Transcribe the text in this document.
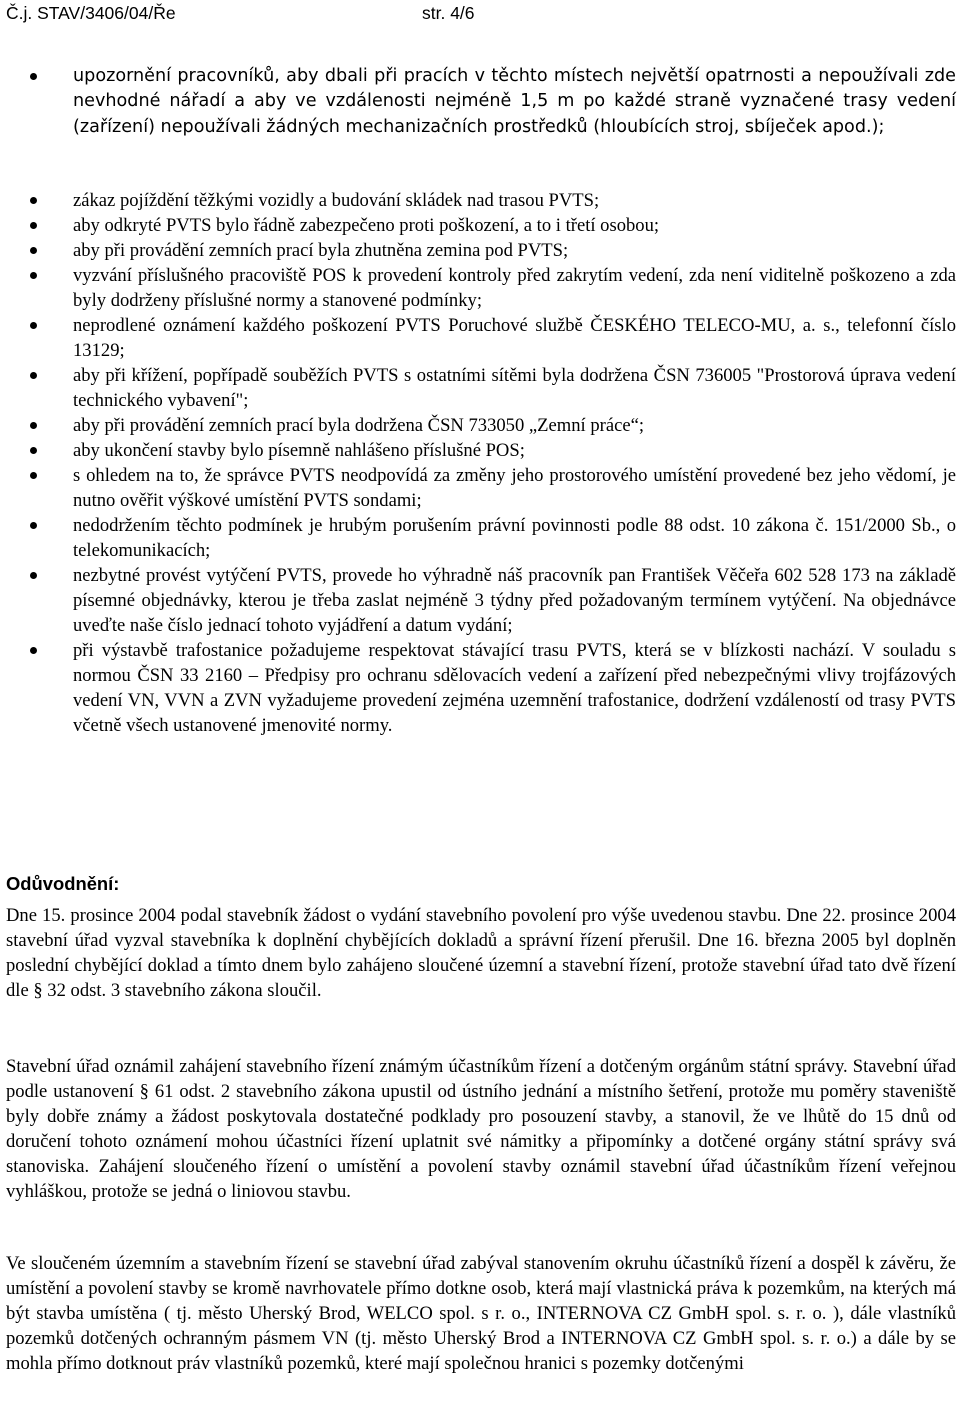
Č.j. STAV/3406/04/Ře	str. 4/6
upozornění pracovníků, aby dbali při pracích v těchto místech největší opatrnosti a nepoužívali zde nevhodné nářadí a aby ve vzdálenosti nejméně 1,5 m po každé straně vyznačené trasy vedení (zařízení) nepoužívali žádných mechanizačních prostředků (hloubících stroj, sbíječek apod.);
zákaz pojíždění těžkými vozidly a budování skládek nad trasou PVTS;
aby odkryté PVTS bylo řádně zabezpečeno proti poškození, a to i třetí osobou;
aby při provádění zemních prací byla zhutněna zemina pod PVTS;
vyzvání příslušného pracoviště POS k provedení kontroly před zakrytím vedení, zda není viditelně poškozeno a zda byly dodrženy příslušné normy a stanovené podmínky;
neprodlené oznámení každého poškození PVTS Poruchové službě ČESKÉHO TELECO-MU, a. s., telefonní číslo 13129;
aby při křížení, popřípadě souběžích PVTS s ostatními sítěmi byla dodržena ČSN 736005 "Prostorová úprava vedení technického vybavení";
aby při provádění zemních prací byla dodržena ČSN 733050 „Zemní práce“;
aby ukončení stavby bylo písemně nahlášeno příslušné POS;
s ohledem na to, že správce PVTS neodpovídá za změny jeho prostorového umístění provedené bez jeho vědomí, je nutno ověřit výškové umístění PVTS sondami;
nedodržením těchto podmínek je hrubým porušením právní povinnosti podle 88 odst. 10 zákona č. 151/2000 Sb., o telekomunikacích;
nezbytné provést vytýčení PVTS, provede ho výhradně náš pracovník pan František Věčeřa 602 528 173 na základě písemné objednávky, kterou je třeba zaslat nejméně 3 týdny před požadovaným termínem vytýčení. Na objednávce uveďte naše číslo jednací tohoto vyjádření a datum vydání;
při výstavbě trafostanice požadujeme respektovat stávající trasu PVTS, která se v blízkosti nachází. V souladu s normou ČSN 33 2160 – Předpisy pro ochranu sdělovacích vedení a zařízení před nebezpečnými vlivy trojfázových vedení VN, VVN a ZVN vyžadujeme provedení zejména uzemnění trafostanice, dodržení vzdáleností od trasy PVTS včetně všech ustanovené jmenovité normy.
Odůvodnění:

Dne 15. prosince 2004 podal stavebník žádost o vydání stavebního povolení pro výše uvedenou stavbu. Dne 22. prosince 2004 stavební úřad vyzval stavebníka k doplnění chybějících dokladů a správní řízení přerušil. Dne 16. března 2005 byl doplněn poslední chybějící doklad a tímto dnem bylo zahájeno sloučené územní a stavební řízení, protože stavební úřad tato dvě řízení dle § 32 odst. 3 stavebního zákona sloučil.

Stavební úřad oznámil zahájení stavebního řízení známým účastníkům řízení a dotčeným orgánům státní správy. Stavební úřad podle ustanovení § 61 odst. 2 stavebního zákona upustil od ústního jednání a místního šetření, protože mu poměry staveniště byly dobře známy a žádost poskytovala dostatečné podklady pro posouzení stavby, a stanovil, že ve lhůtě do 15 dnů od doručení tohoto oznámení mohou účastníci řízení uplatnit své námitky a připomínky a dotčené orgány státní správy svá stanoviska. Zahájení sloučeného řízení o umístění a povolení stavby oznámil stavební úřad účastníkům řízení veřejnou vyhláškou, protože se jedná o liniovou stavbu.

Ve sloučeném územním a stavebním řízení se stavební úřad zabýval stanovením okruhu účastníků řízení a dospěl k závěru, že umístění a povolení stavby se kromě navrhovatele přímo dotkne osob, která mají vlastnická práva k pozemkům, na kterých má být stavba umístěna ( tj. město Uherský Brod, WELCO spol. s r. o., INTERNOVA CZ GmbH spol. s. r. o. ), dále vlastníků pozemků dotčených ochranným pásmem VN (tj. město Uherský Brod a INTERNOVA CZ GmbH spol. s. r. o.) a dále by se mohla přímo dotknout práv vlastníků pozemků, které mají společnou hranici s pozemky dotčenými
